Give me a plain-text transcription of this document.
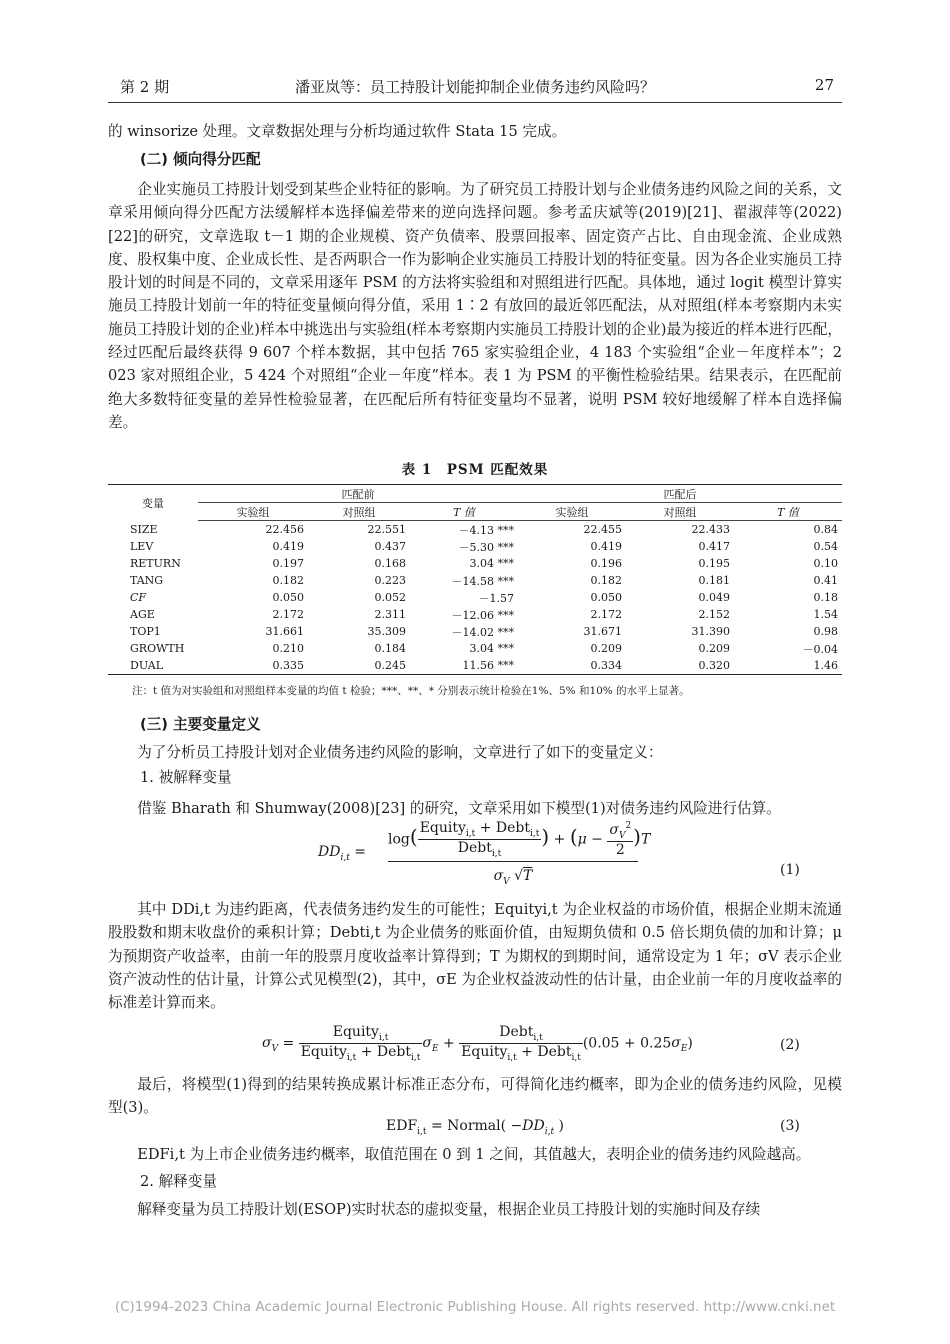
第 2 期	潘亚岚等：员工持股计划能抑制企业债务违约风险吗？	27
的 winsorize 处理。文章数据处理与分析均通过软件 Stata 15 完成。
(二) 倾向得分匹配
企业实施员工持股计划受到某些企业特征的影响。为了研究员工持股计划与企业债务违约风险之间的关系，文章采用倾向得分匹配方法缓解样本选择偏差带来的逆向选择问题。参考孟庆斌等(2019)[21]、翟淑萍等(2022)[22]的研究，文章选取 t－1 期的企业规模、资产负债率、股票回报率、固定资产占比、自由现金流、企业成熟度、股权集中度、企业成长性、是否两职合一作为影响企业实施员工持股计划的特征变量。因为各企业实施员工持股计划的时间是不同的，文章采用逐年 PSM 的方法将实验组和对照组进行匹配。具体地，通过 logit 模型计算实施员工持股计划前一年的特征变量倾向得分值，采用 1∶2 有放回的最近邻匹配法，从对照组(样本考察期内未实施员工持股计划的企业)样本中挑选出与实验组(样本考察期内实施员工持股计划的企业)最为接近的样本进行匹配，经过匹配后最终获得 9 607 个样本数据，其中包括 765 家实验组企业，4 183 个实验组“企业－年度样本”；2 023 家对照组企业，5 424 个对照组“企业－年度”样本。表 1 为 PSM 的平衡性检验结果。结果表示，在匹配前绝大多数特征变量的差异性检验显著，在匹配后所有特征变量均不显著，说明 PSM 较好地缓解了样本自选择偏差。
表 1　PSM 匹配效果
变量	匹配前			匹配后		
	实验组	对照组	T 值	实验组	对照组	T 值
SIZE	22.456	22.551	－4.13 ***	22.455	22.433	0.84
LEV	0.419	0.437	－5.30 ***	0.419	0.417	0.54
RETURN	0.197	0.168	3.04 ***	0.196	0.195	0.10
TANG	0.182	0.223	－14.58 ***	0.182	0.181	0.41
CF	0.050	0.052	－1.57	0.050	0.049	0.18
AGE	2.172	2.311	－12.06 ***	2.172	2.152	1.54
TOP1	31.661	35.309	－14.02 ***	31.671	31.390	0.98
GROWTH	0.210	0.184	3.04 ***	0.209	0.209	－0.04
DUAL	0.335	0.245	11.56 ***	0.334	0.320	1.46
注：t 值为对实验组和对照组样本变量的均值 t 检验；***、**、* 分别表示统计检验在1%、5% 和10% 的水平上显著。
(三) 主要变量定义
为了分析员工持股计划对企业债务违约风险的影响，文章进行了如下的变量定义：
1. 被解释变量
借鉴 Bharath 和 Shumway(2008)[23] 的研究，文章采用如下模型(1)对债务违约风险进行估算。
$DD_{i,t}$ =
$\log( \frac{Equity_{i,t} + Debt_{i,t}}{Debt_{i,t}}$ ) + $(\mu - \frac{\sigma_V^2}{2} )T$
$\sigma_V$ √T	(1)
其中 DDi,t 为违约距离，代表债务违约发生的可能性；Equityi,t 为企业权益的市场价值，根据企业期末流通股股数和期末收盘价的乘积计算；Debti,t 为企业债务的账面价值，由短期负债和 0.5 倍长期负债的加和计算；μ 为预期资产收益率，由前一年的股票月度收益率计算得到；T 为期权的到期时间，通常设定为 1 年；σV 表示企业资产波动性的估计量，计算公式见模型(2)，其中，σE 为企业权益波动性的估计量，由企业前一年的月度收益率的标准差计算而来。
$\sigma_V = \frac{Equity_{i,t}}{Equity_{i,t} + Debt_{i,t}} \sigma_E + \frac{Debt_{i,t}}{Equity_{i,t} + Debt_{i,t}} (0.05 + 0.25\sigma_E)$	(2)
最后，将模型(1)得到的结果转换成累计标准正态分布，可得简化违约概率，即为企业的债务违约风险，见模型(3)。
$EDF_{i,t}$ = Normal( $-DD_{i,t}$ )	(3)
EDFi,t 为上市企业债务违约概率，取值范围在 0 到 1 之间，其值越大，表明企业的债务违约风险越高。
2. 解释变量
解释变量为员工持股计划(ESOP)实时状态的虚拟变量，根据企业员工持股计划的实施时间及存续
(C)1994-2023 China Academic Journal Electronic Publishing House. All rights reserved. http://www.cnki.net
